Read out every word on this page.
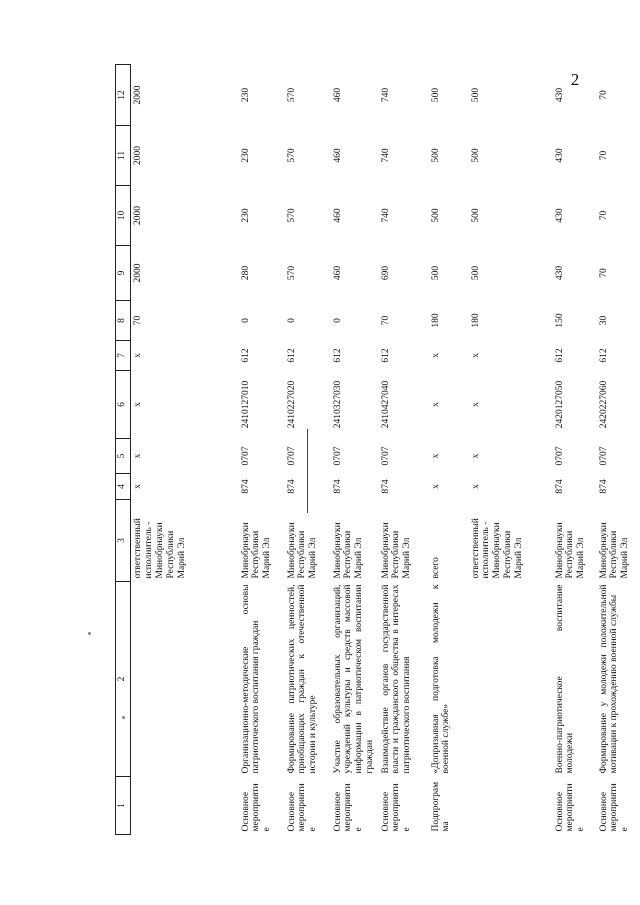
2
1	2	3	4	5	6	7	8	9	10	11	12
		ответственный исполнитель - Минобрнауки Республики Марий Эл	x	x	x	x	70	2000	2000	2000	2000
Основное мероприятие	Организационно-методические основы патриотического воспитания граждан	Минобрнауки Республики Марий Эл	874	0707	2410127010	612	0	280	230	230	230
Основное мероприятие	Формирование патриотических ценностей, приобщающих граждан к отечественной истории и культуре	Минобрнауки Республики Марий Эл	874	0707	2410227020	612	0	570	570	570	570
Основное мероприятие	Участие образовательных организаций, учреждений культуры и средств массовой информации в патриотическом воспитании граждан	Минобрнауки Республики Марий Эл	874	0707	2410327030	612	0	460	460	460	460
Основное мероприятие	Взаимодействие органов государственной власти и гражданского общества в интересах патриотического воспитания	Минобрнауки Республики Марий Эл	874	0707	2410427040	612	70	690	740	740	740
Подпрограмма	«Допризывная подготовка молодежи к военной службе»	всего	x	x	x	x	180	500	500	500	500
		ответственный исполнитель - Минобрнауки Республики Марий Эл	x	x	x	x	180	500	500	500	500
Основное мероприятие	Военно-патриотическое воспитание молодежи	Минобрнауки Республики Марий Эл	874	0707	2420127050	612	150	430	430	430	430
Основное мероприятие	Формирование у молодежи положительной мотивации к прохождению военной службы	Минобрнауки Республики Марий Эл	874	0707	2420227060	612	30	70	70	70	70
